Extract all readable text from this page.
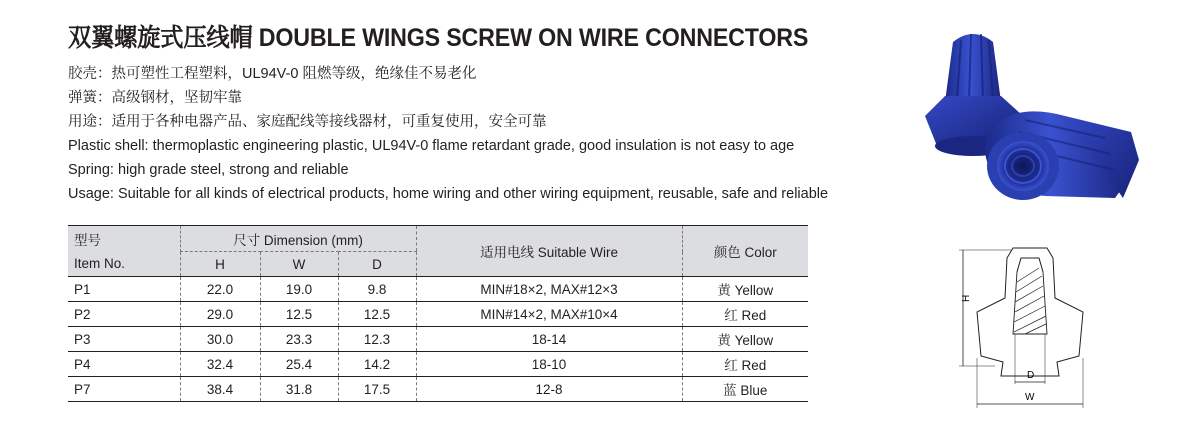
双翼螺旋式压线帽 DOUBLE WINGS SCREW ON WIRE CONNECTORS
胶壳：热可塑性工程塑料，UL94V-0 阻燃等级，绝缘佳不易老化
弹簧：高级钢材，坚韧牢靠
用途：适用于各种电器产品、家庭配线等接线器材，可重复使用，安全可靠
Plastic shell: thermoplastic engineering plastic, UL94V-0 flame retardant grade, good insulation is not easy to age
Spring: high grade steel, strong and reliable
Usage: Suitable for all kinds of electrical products, home wiring and other wiring equipment, reusable, safe and reliable
型号	尺寸 Dimension (mm)			适用电线 Suitable Wire	颜色 Color
Item No.	H	W	D		
P1	22.0	19.0	9.8	MIN#18×2, MAX#12×3	黄 Yellow
P2	29.0	12.5	12.5	MIN#14×2, MAX#10×4	红 Red
P3	30.0	23.3	12.3	18-14	黄 Yellow
P4	32.4	25.4	14.2	18-10	红 Red
P7	38.4	31.8	17.5	12-8	蓝 Blue
H
D
W
